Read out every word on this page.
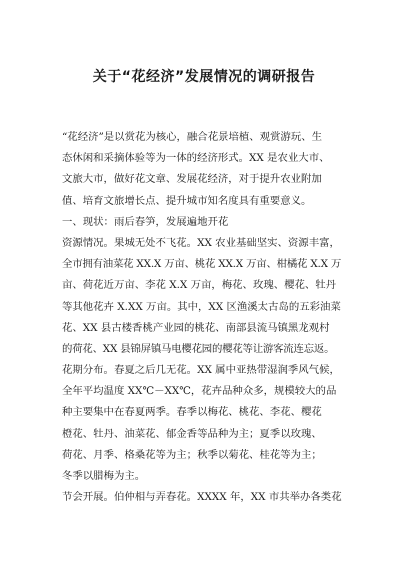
关于“花经济”发展情况的调研报告
“花经济”是以赏花为核心，融合花景培植、观赏游玩、生
态休闲和采摘体验等为一体的经济形式。XX 是农业大市、
文旅大市，做好花文章、发展花经济，对于提升农业附加
值、培育文旅增长点、提升城市知名度具有重要意义。
一、现状：雨后春笋，发展遍地开花
资源情况。果城无处不飞花。XX 农业基础坚实、资源丰富，
全市拥有油菜花 XX.X 万亩、桃花 XX.X 万亩、柑橘花 X.X 万
亩、荷花近万亩、李花 X.X 万亩，梅花、玫瑰、樱花、牡丹
等其他花卉 X.XX 万亩。其中，XX 区渔溪太古岛的五彩油菜
花、XX 县古楼香桃产业园的桃花、南部县流马镇黑龙观村
的荷花、XX 县锦屏镇马电樱花园的樱花等让游客流连忘返。
花期分布。春夏之后几无花。XX 属中亚热带湿润季风气候，
全年平均温度 XX℃－XX℃，花卉品种众多，规模较大的品
种主要集中在春夏两季。春季以梅花、桃花、李花、樱花
橙花、牡丹、油菜花、郁金香等品种为主；夏季以玫瑰、
荷花、月季、格桑花等为主；秋季以菊花、桂花等为主；
冬季以腊梅为主。
节会开展。伯仲相与弄春花。XXXX 年，XX 市共举办各类花
